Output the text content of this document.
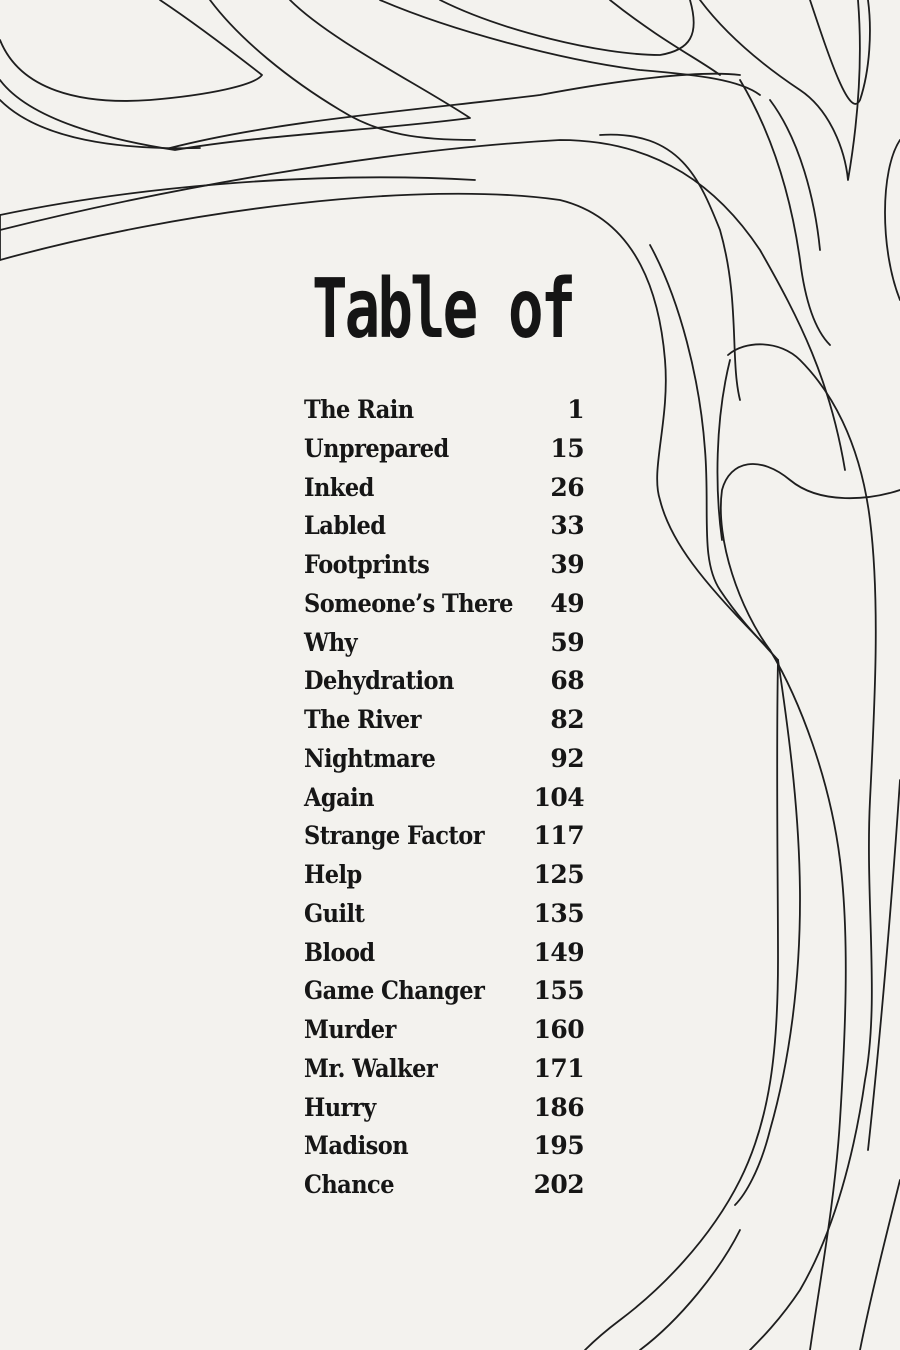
Table of
The Rain	1
Unprepared	15
Inked	26
Labled	33
Footprints	39
Someone’s There 49
Why	59
Dehydration	68
The River	82
Nightmare	92
Again	104
Strange Factor 117
Help	125
Guilt	135
Blood	149
Game Changer 155
Murder	160
Mr. Walker	171
Hurry	186
Madison	195
Chance	202
